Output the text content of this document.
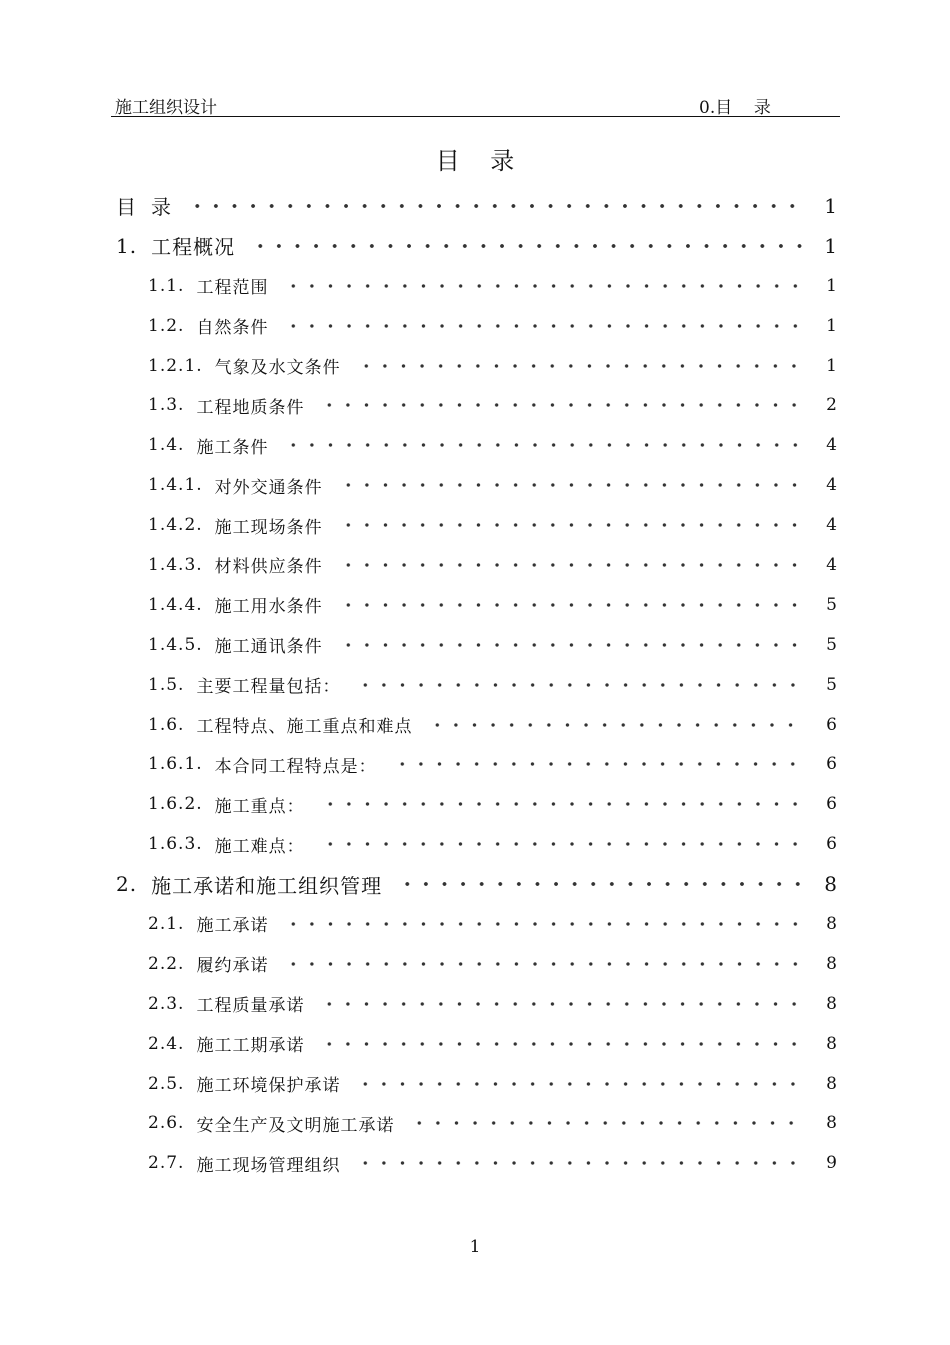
施工组织设计	0.目    录
目    录
目 录	1
1. 工程概况	1
1.1. 工程范围	1
1.2. 自然条件	1
1.2.1. 气象及水文条件	1
1.3. 工程地质条件	2
1.4. 施工条件	4
1.4.1. 对外交通条件	4
1.4.2. 施工现场条件	4
1.4.3. 材料供应条件	4
1.4.4. 施工用水条件	5
1.4.5. 施工通讯条件	5
1.5. 主要工程量包括：	5
1.6. 工程特点、施工重点和难点	6
1.6.1. 本合同工程特点是：	6
1.6.2. 施工重点：	6
1.6.3. 施工难点：	6
2. 施工承诺和施工组织管理	8
2.1. 施工承诺	8
2.2. 履约承诺	8
2.3. 工程质量承诺	8
2.4. 施工工期承诺	8
2.5. 施工环境保护承诺	8
2.6. 安全生产及文明施工承诺	8
2.7. 施工现场管理组织	9
1
